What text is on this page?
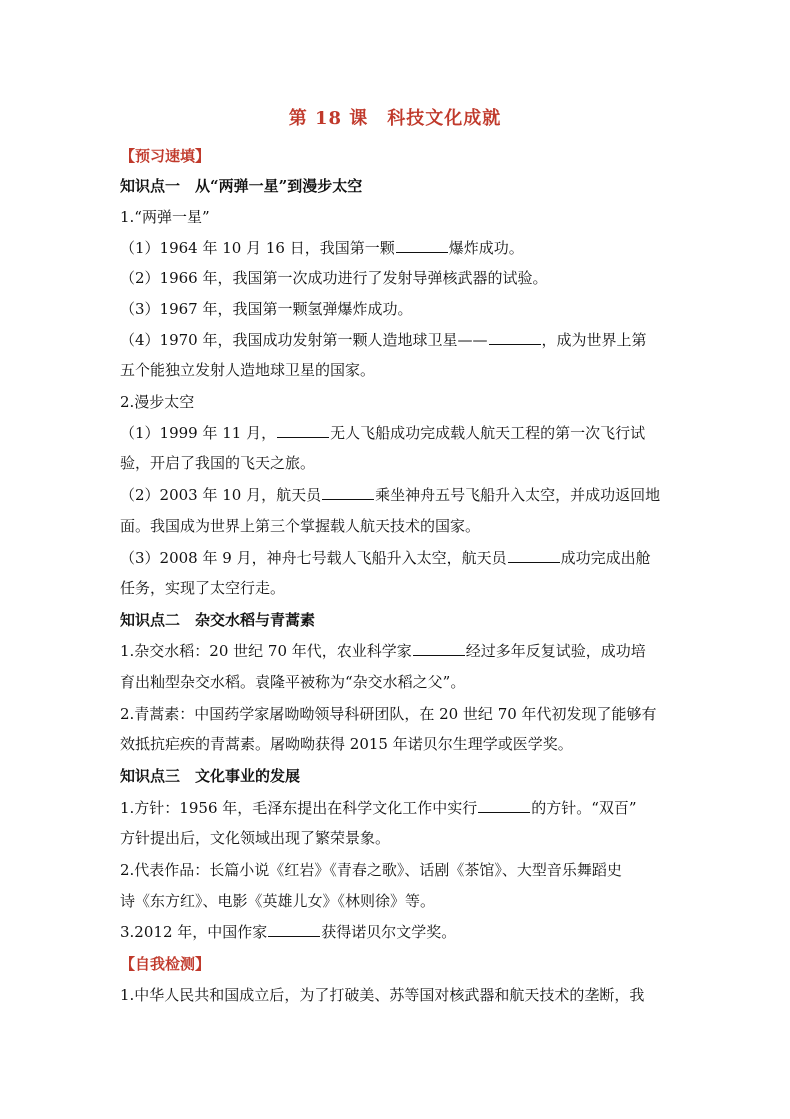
第 18 课　科技文化成就
【预习速填】
知识点一　从“两弹一星”到漫步太空
1.“两弹一星”
（1）1964 年 10 月 16 日，我国第一颗	爆炸成功。
（2）1966 年，我国第一次成功进行了发射导弹核武器的试验。
（3）1967 年，我国第一颗氢弹爆炸成功。
（4）1970 年，我国成功发射第一颗人造地球卫星——	，成为世界上第
五个能独立发射人造地球卫星的国家。
2.漫步太空
（1）1999 年 11 月，	无人飞船成功完成载人航天工程的第一次飞行试
验，开启了我国的飞天之旅。
（2）2003 年 10 月，航天员	乘坐神舟五号飞船升入太空，并成功返回地
面。我国成为世界上第三个掌握载人航天技术的国家。
（3）2008 年 9 月，神舟七号载人飞船升入太空，航天员	成功完成出舱
任务，实现了太空行走。
知识点二　杂交水稻与青蒿素
1.杂交水稻：20 世纪 70 年代，农业科学家	经过多年反复试验，成功培
育出籼型杂交水稻。袁隆平被称为“杂交水稻之父”。
2.青蒿素：中国药学家屠呦呦领导科研团队，在 20 世纪 70 年代初发现了能够有
效抵抗疟疾的青蒿素。屠呦呦获得 2015 年诺贝尔生理学或医学奖。
知识点三　文化事业的发展
1.方针：1956 年，毛泽东提出在科学文化工作中实行	的方针。“双百”
方针提出后，文化领域出现了繁荣景象。
2.代表作品：长篇小说《红岩》《青春之歌》、话剧《茶馆》、大型音乐舞蹈史
诗《东方红》、电影《英雄儿女》《林则徐》等。
3.2012 年，中国作家	获得诺贝尔文学奖。
【自我检测】
1.中华人民共和国成立后，为了打破美、苏等国对核武器和航天技术的垄断，我
